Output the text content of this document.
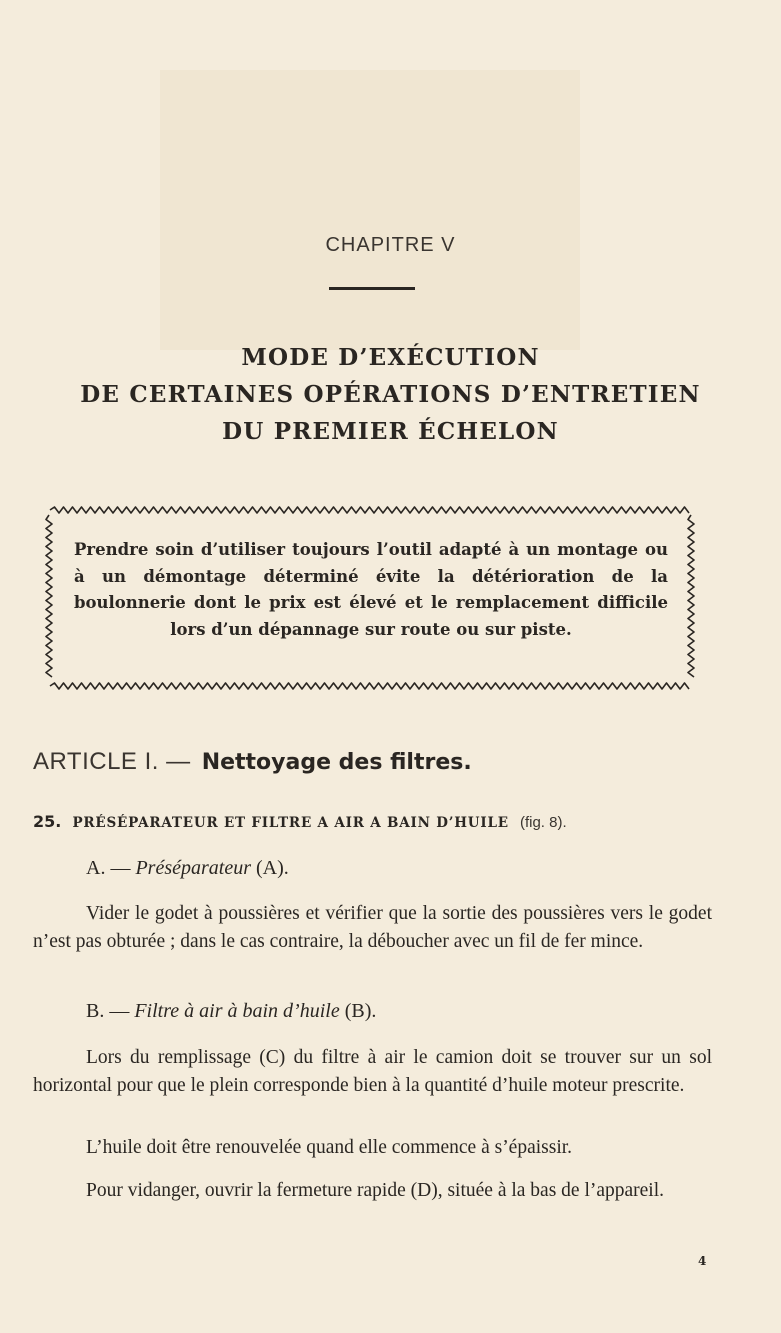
CHAPITRE V
MODE D’EXÉCUTION
DE CERTAINES OPÉRATIONS D’ENTRETIEN
DU PREMIER ÉCHELON
Prendre soin d’utiliser toujours l’outil adapté à un montage ou à un démontage déterminé évite la détérioration de la boulonnerie dont le prix est élevé et le remplacement difficile lors d’un dépannage sur route ou sur piste.
ARTICLE I. — Nettoyage des filtres.
25. PRÉSÉPARATEUR ET FILTRE A AIR A BAIN D’HUILE (fig. 8).
A. — Préséparateur (A).
Vider le godet à poussières et vérifier que la sortie des poussières vers le godet n’est pas obturée ; dans le cas contraire, la déboucher avec un fil de fer mince.
B. — Filtre à air à bain d’huile (B).
Lors du remplissage (C) du filtre à air le camion doit se trouver sur un sol horizontal pour que le plein corresponde bien à la quantité d’huile moteur prescrite.
L’huile doit être renouvelée quand elle commence à s’épaissir.
Pour vidanger, ouvrir la fermeture rapide (D), située à la bas de l’appareil.
4
